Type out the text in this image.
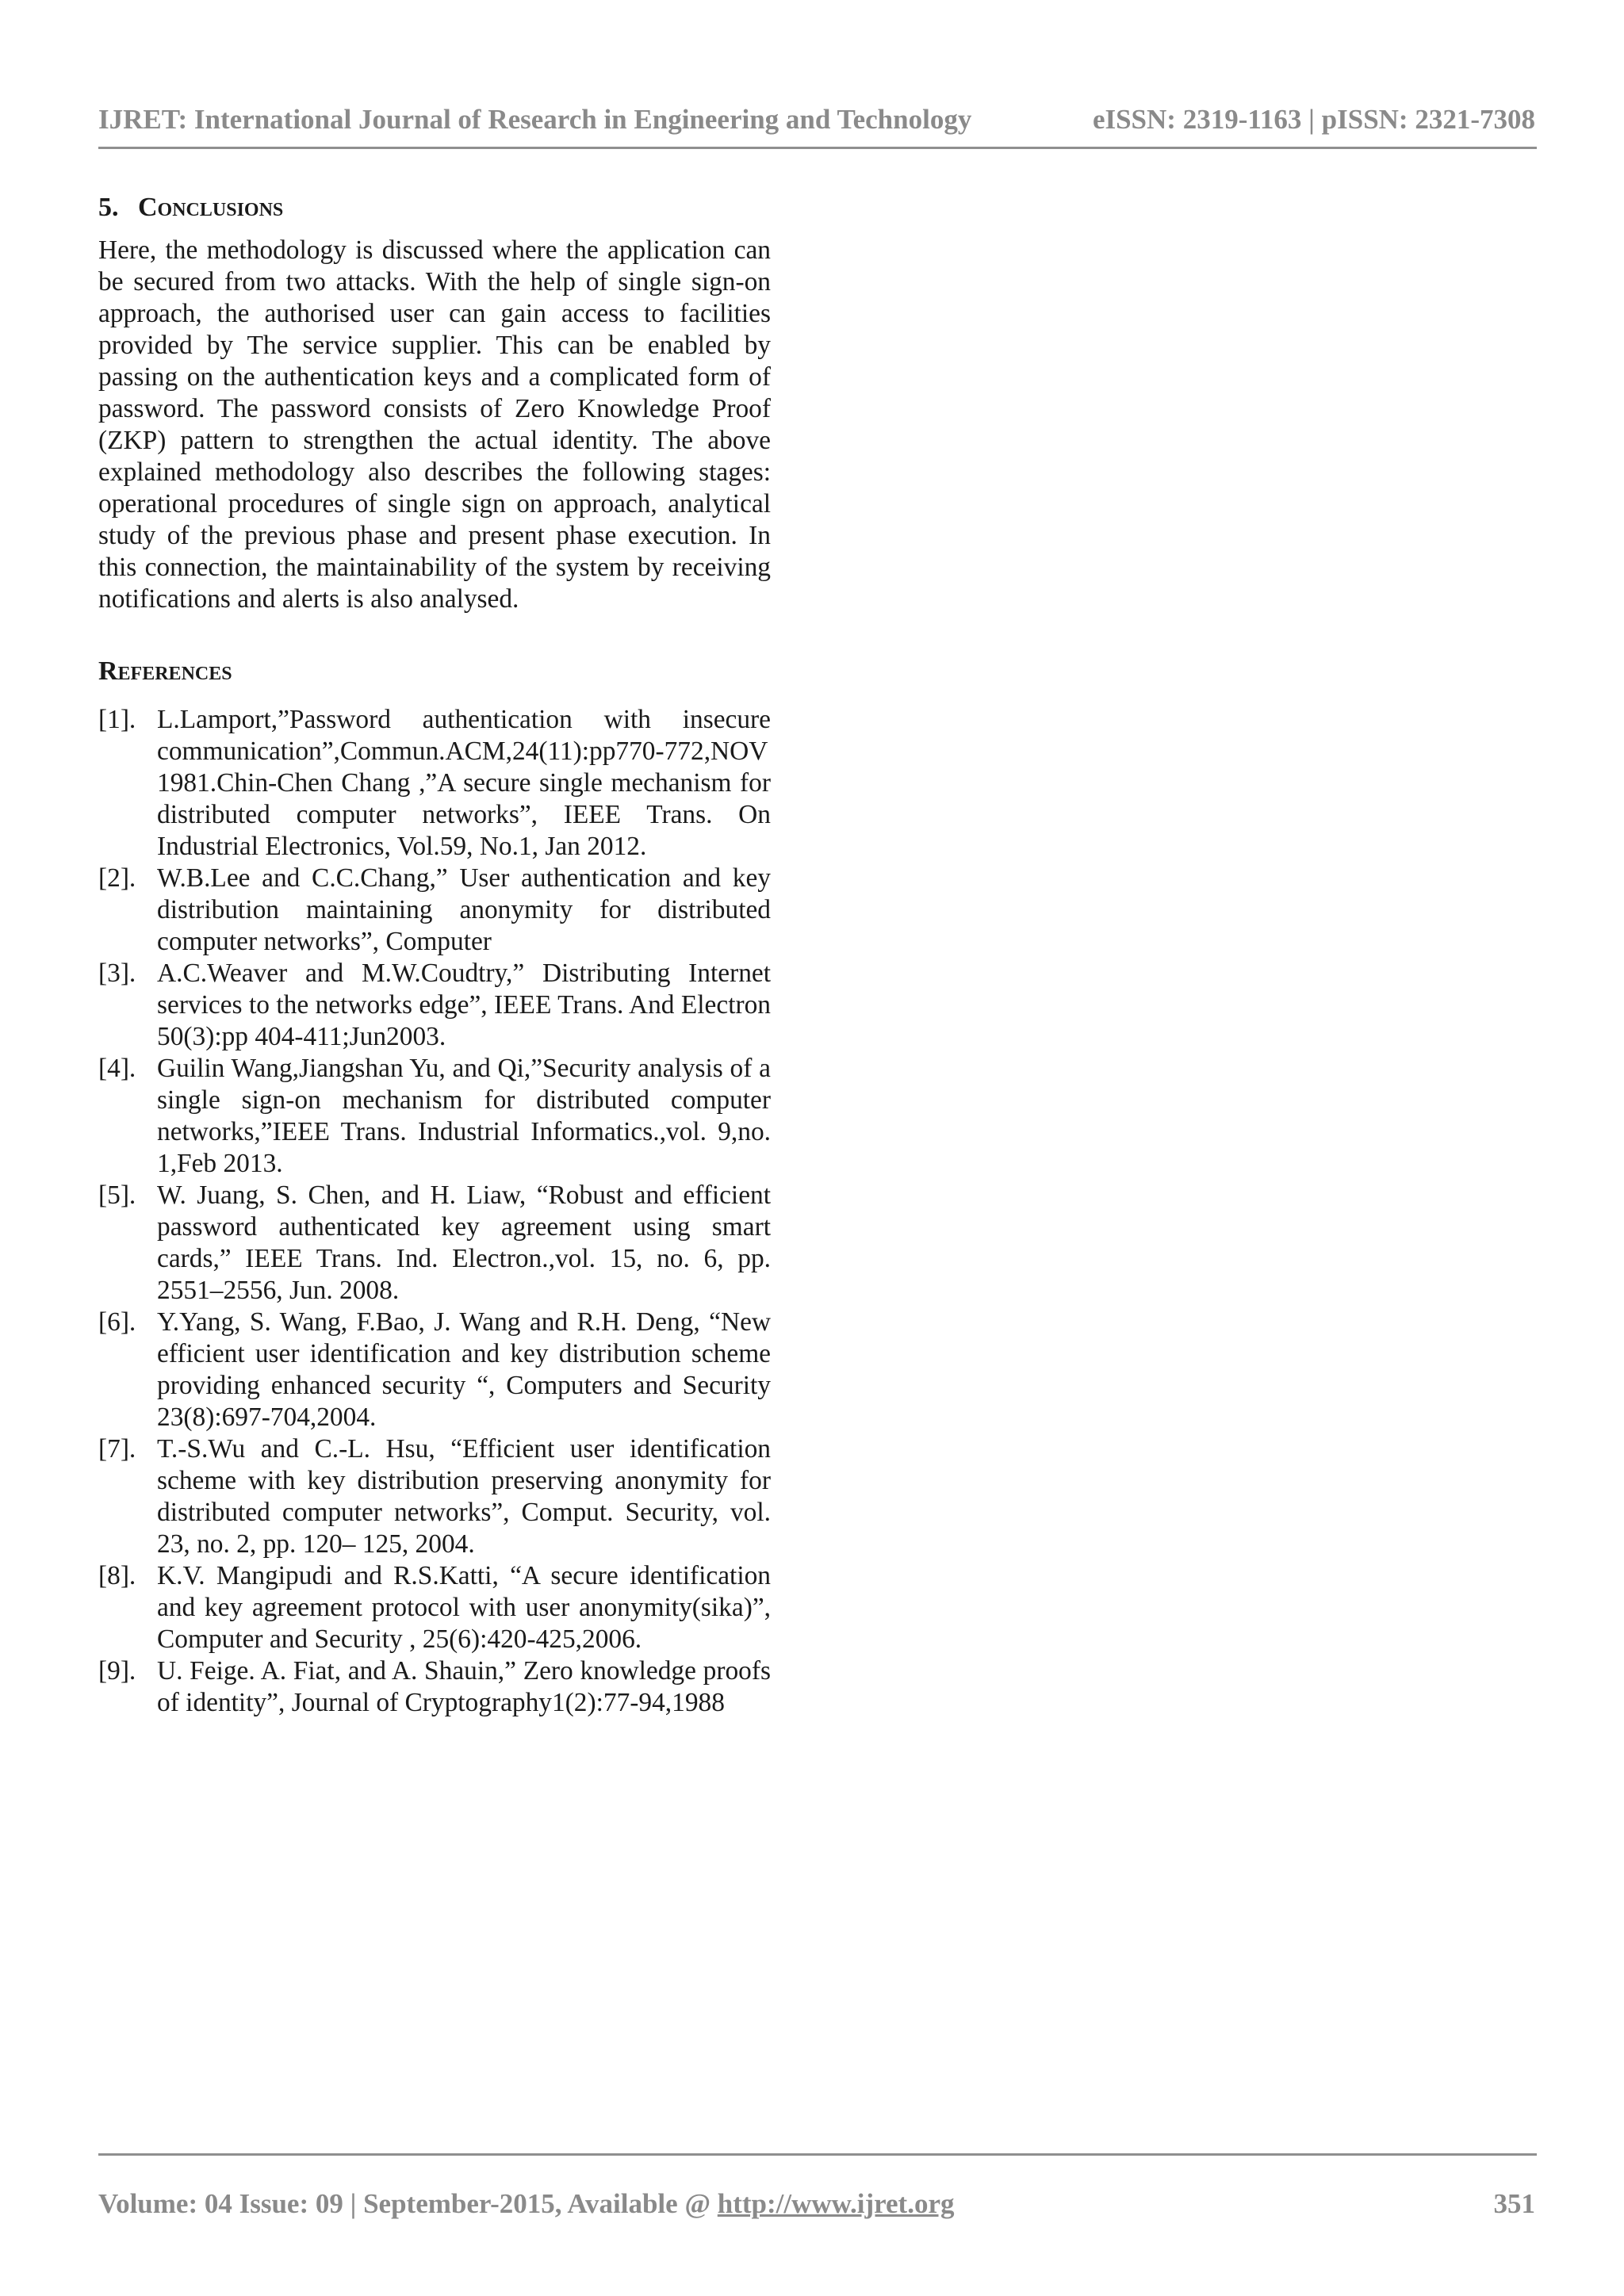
IJRET: International Journal of Research in Engineering and Technology	eISSN: 2319-1163 | pISSN: 2321-7308
5. Conclusions

Here, the methodology is discussed where the application can be secured from two attacks. With the help of single sign-on approach, the authorised user can gain access to facilities provided by The service supplier. This can be enabled by passing on the authentication keys and a complicated form of password. The password consists of Zero Knowledge Proof (ZKP) pattern to strengthen the actual identity. The above explained methodology also describes the following stages: operational procedures of single sign on approach, analytical study of the previous phase and present phase execution. In this connection, the maintainability of the system by receiving notifications and alerts is also analysed.

References
[1]. L.Lamport,”Password authentication with insecure communication”,Commun.ACM,24(11):pp770-772,NOV 1981.Chin-Chen Chang ,”A secure single mechanism for distributed computer networks”, IEEE Trans. On Industrial Electronics, Vol.59, No.1, Jan 2012.
[2]. W.B.Lee and C.C.Chang,” User authentication and key distribution maintaining anonymity for distributed computer networks”, Computer
[3]. A.C.Weaver and M.W.Coudtry,” Distributing Internet services to the networks edge”, IEEE Trans. And Electron 50(3):pp 404-411;Jun2003.
[4]. Guilin Wang,Jiangshan Yu, and Qi,”Security analysis of a single sign-on mechanism for distributed computer networks,”IEEE Trans. Industrial Informatics.,vol. 9,no. 1,Feb 2013.
[5]. W. Juang, S. Chen, and H. Liaw, “Robust and efficient password authenticated key agreement using smart cards,” IEEE Trans. Ind. Electron.,vol. 15, no. 6, pp. 2551–2556, Jun. 2008.
[6]. Y.Yang, S. Wang, F.Bao, J. Wang and R.H. Deng, “New efficient user identification and key distribution scheme providing enhanced security “, Computers and Security 23(8):697-704,2004.
[7]. T.-S.Wu and C.-L. Hsu, “Efficient user identification scheme with key distribution preserving anonymity for distributed computer networks”, Comput. Security, vol. 23, no. 2, pp. 120– 125, 2004.
[8]. K.V. Mangipudi and R.S.Katti, “A secure identification and key agreement protocol with user anonymity(sika)”, Computer and Security , 25(6):420-425,2006.
[9]. U. Feige. A. Fiat, and A. Shauin,” Zero knowledge proofs of identity”, Journal of Cryptography1(2):77-94,1988
Volume: 04 Issue: 09 | September-2015, Available @ http://www.ijret.org	351
